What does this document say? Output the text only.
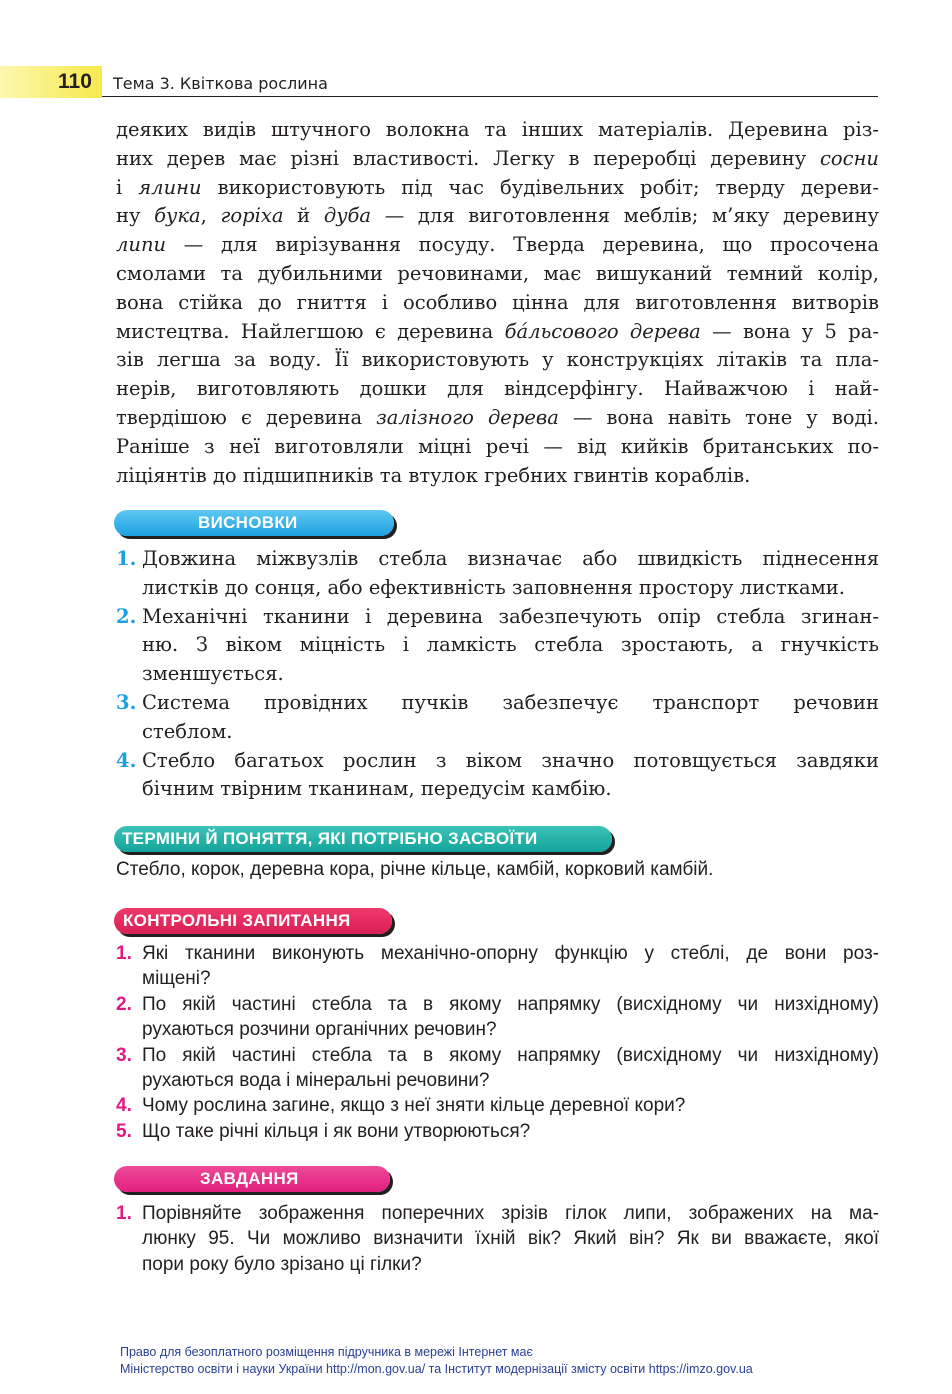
110 Тема 3. Квіткова рослина
деяких видів штучного волокна та інших матеріалів. Деревина різ-
них дерев має різні властивості. Легку в переробці деревину сосни
і ялини використовують під час будівельних робіт; тверду дереви-
ну бука, горіха й дуба — для виготовлення меблів; м’яку деревину
липи — для вирізування посуду. Тверда деревина, що просочена
смолами та дубильними речовинами, має вишуканий темний колір,
вона стійка до гниття і особливо цінна для виготовлення витворів
мистецтва. Найлегшою є деревина бáльсового дерева — вона у 5 ра-
зів легша за воду. Її використовують у конструкціях літаків та пла-
нерів, виготовляють дошки для віндсерфінгу. Найважчою і най-
твердішою є деревина залізного дерева — вона навіть тоне у воді.
Раніше з неї виготовляли міцні речі — від кийків британських по-
ліціянтів до підшипників та втулок гребних гвинтів кораблів.
ВИСНОВКИ
1. Довжина міжвузлів стебла визначає або швидкість піднесення
листків до сонця, або ефективність заповнення простору листками.
2. Механічні тканини і деревина забезпечують опір стебла згинан-
ню. З віком міцність і ламкість стебла зростають, а гнучкість
зменшується.
3. Система провідних пучків забезпечує транспорт речовин
стеблом.
4. Стебло багатьох рослин з віком значно потовщується завдяки
бічним твірним тканинам, передусім камбію.
ТЕРМІНИ Й ПОНЯТТЯ, ЯКІ ПОТРІБНО ЗАСВОЇТИ
Стебло, корок, деревна кора, річне кільце, камбій, корковий камбій.
КОНТРОЛЬНІ ЗАПИТАННЯ
1. Які тканини виконують механічно-опорну функцію у стеблі, де вони роз-
міщені?
2. По якій частині стебла та в якому напрямку (висхідному чи низхідному)
рухаються розчини органічних речовин?
3. По якій частині стебла та в якому напрямку (висхідному чи низхідному)
рухаються вода і мінеральні речовини?
4. Чому рослина загине, якщо з неї зняти кільце деревної кори?
5. Що таке річні кільця і як вони утворюються?
ЗАВДАННЯ
1. Порівняйте зображення поперечних зрізів гілок липи, зображених на ма-
люнку 95. Чи можливо визначити їхній вік? Який він? Як ви вважаєте, якої
пори року було зрізано ці гілки?
Право для безоплатного розміщення підручника в мережі Інтернет має
Міністерство освіти і науки України http://mon.gov.ua/ та Інститут модернізації змісту освіти https://imzo.gov.ua
